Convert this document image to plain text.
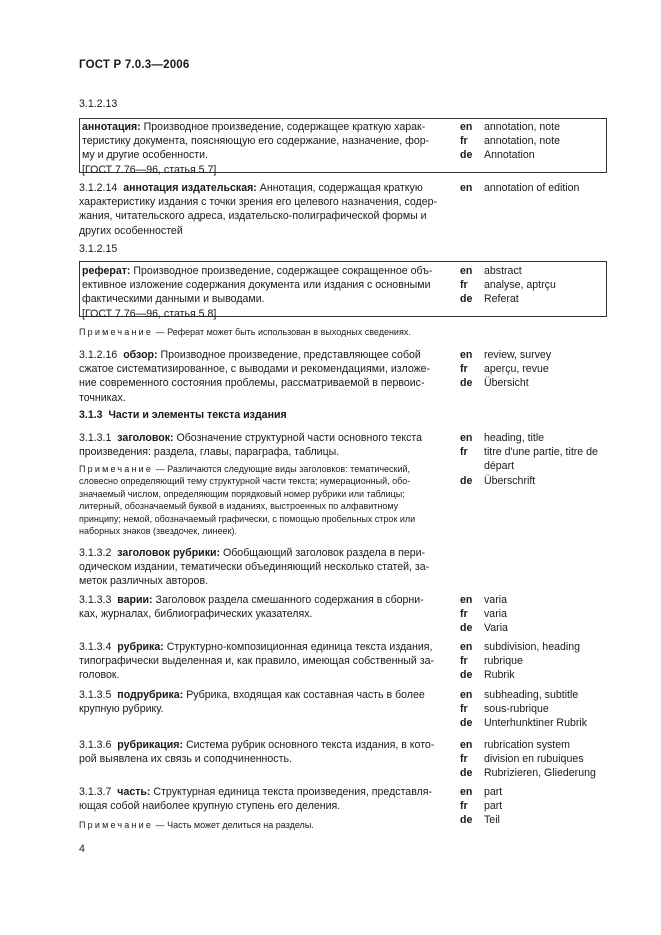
ГОСТ Р 7.0.3—2006
3.1.2.13
аннотация: Производное произведение, содержащее краткую харак-
теристику документа, поясняющую его содержание, назначение, фор-
му и другие особенности.
[ГОСТ 7.76—96, статья 5.7]
en
fr
de
annotation, note
annotation, note
Annotation
3.1.2.14 аннотация издательская: Аннотация, содержащая краткую
характеристику издания с точки зрения его целевого назначения, содер-
жания, читательского адреса, издательско-полиграфической формы и
других особенностей
en	annotation of edition
3.1.2.15
реферат: Производное произведение, содержащее сокращенное объ-
ективное изложение содержания документа или издания с основными
фактическими данными и выводами.
[ГОСТ 7.76—96, статья 5.8]
en
fr
de
abstract
analyse, aptrçu
Referat
Примечание — Реферат может быть использован в выходных сведениях.
3.1.2.16 обзор: Производное произведение, представляющее собой
сжатое систематизированное, с выводами и рекомендациями, изложе-
ние современного состояния проблемы, рассматриваемой в первоис-
точниках.
en
fr
de
review, survey
aperçu, revue
Übersicht
3.1.3 Части и элементы текста издания
3.1.3.1 заголовок: Обозначение структурной части основного текста
произведения: раздела, главы, параграфа, таблицы.
en
fr

de
heading, title
titre d'une partie, titre de
départ
Überschrift
Примечание — Различаются следующие виды заголовков: тематический,
словесно определяющий тему структурной части текста; нумерационный, обо-
значаемый числом, определяющим порядковый номер рубрики или таблицы;
литерный, обозначаемый буквой в изданиях, выстроенных по алфавитному
принципу; немой, обозначаемый графически, с помощью пробельных строк или
наборных знаков (звездочек, линеек).
3.1.3.2 заголовок рубрики: Обобщающий заголовок раздела в пери-
одическом издании, тематически объединяющий несколько статей, за-
меток различных авторов.
3.1.3.3 варии: Заголовок раздела смешанного содержания в сборни-
ках, журналах, библиографических указателях.
en
fr
de
varia
varia
Varia
3.1.3.4 рубрика: Структурно-композиционная единица текста издания,
типографически выделенная и, как правило, имеющая собственный за-
головок.
en
fr
de
subdivision, heading
rubrique
Rubrik
3.1.3.5 подрубрика: Рубрика, входящая как составная часть в более
крупную рубрику.
en
fr
de
subheading, subtitle
sous-rubrique
Unterhunktiner Rubrik
3.1.3.6 рубрикация: Система рубрик основного текста издания, в кото-
рой выявлена их связь и соподчиненность.
en
fr
de
rubrication system
division en rubuiques
Rubrizieren, Gliederung
3.1.3.7 часть: Структурная единица текста произведения, представля-
ющая собой наиболее крупную ступень его деления.
en
fr
de
part
part
Teil
Примечание — Часть может делиться на разделы.
4
